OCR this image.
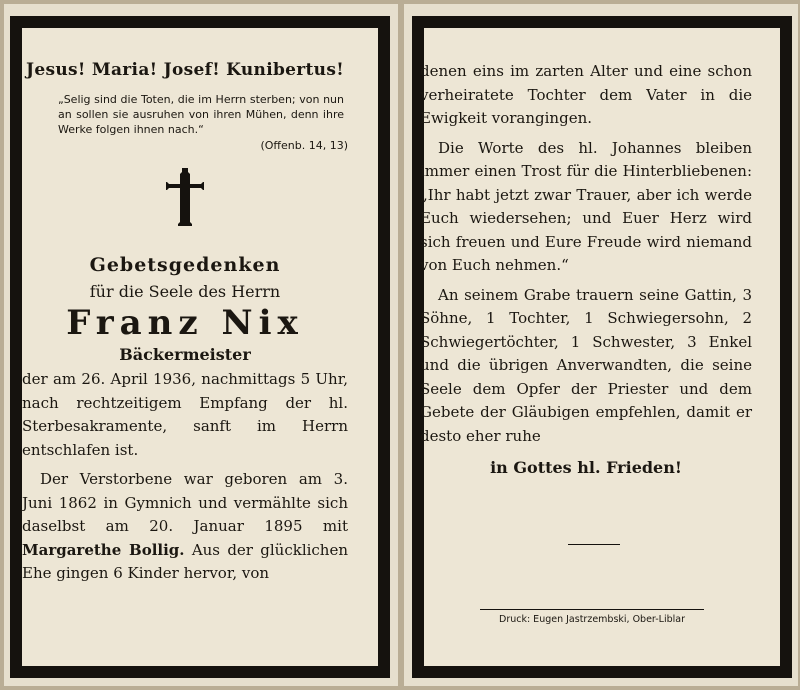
Jesus! Maria! Josef! Kunibertus!

„Selig sind die Toten, die im Herrn sterben; von nun an sollen sie ausruhen von ihren Mühen, denn ihre Werke folgen ihnen nach.“

(Offenb. 14, 13)

Gebetsgedenken

für die Seele des Herrn

Franz Nix

Bäckermeister

der am 26. April 1936, nachmittags 5 Uhr, nach rechtzeitigem Empfang der hl. Sterbesakramente, sanft im Herrn entschlafen ist.

Der Verstorbene war geboren am 3. Juni 1862 in Gymnich und vermählte sich daselbst am 20. Januar 1895 mit Margarethe Bollig. Aus der glücklichen Ehe gingen 6 Kinder hervor, von

denen eins im zarten Alter und eine schon verheiratete Tochter dem Vater in die Ewigkeit vorangingen.

Die Worte des hl. Johannes bleiben immer einen Trost für die Hinterbliebenen: „Ihr habt jetzt zwar Trauer, aber ich werde Euch wiedersehen; und Euer Herz wird sich freuen und Eure Freude wird niemand von Euch nehmen.“

An seinem Grabe trauern seine Gattin, 3 Söhne, 1 Tochter, 1 Schwiegersohn, 2 Schwiegertöchter, 1 Schwester, 3 Enkel und die übrigen Anverwandten, die seine Seele dem Opfer der Priester und dem Gebete der Gläubigen empfehlen, damit er desto eher ruhe

in Gottes hl. Frieden!

Druck: Eugen Jastrzembski, Ober-Liblar
